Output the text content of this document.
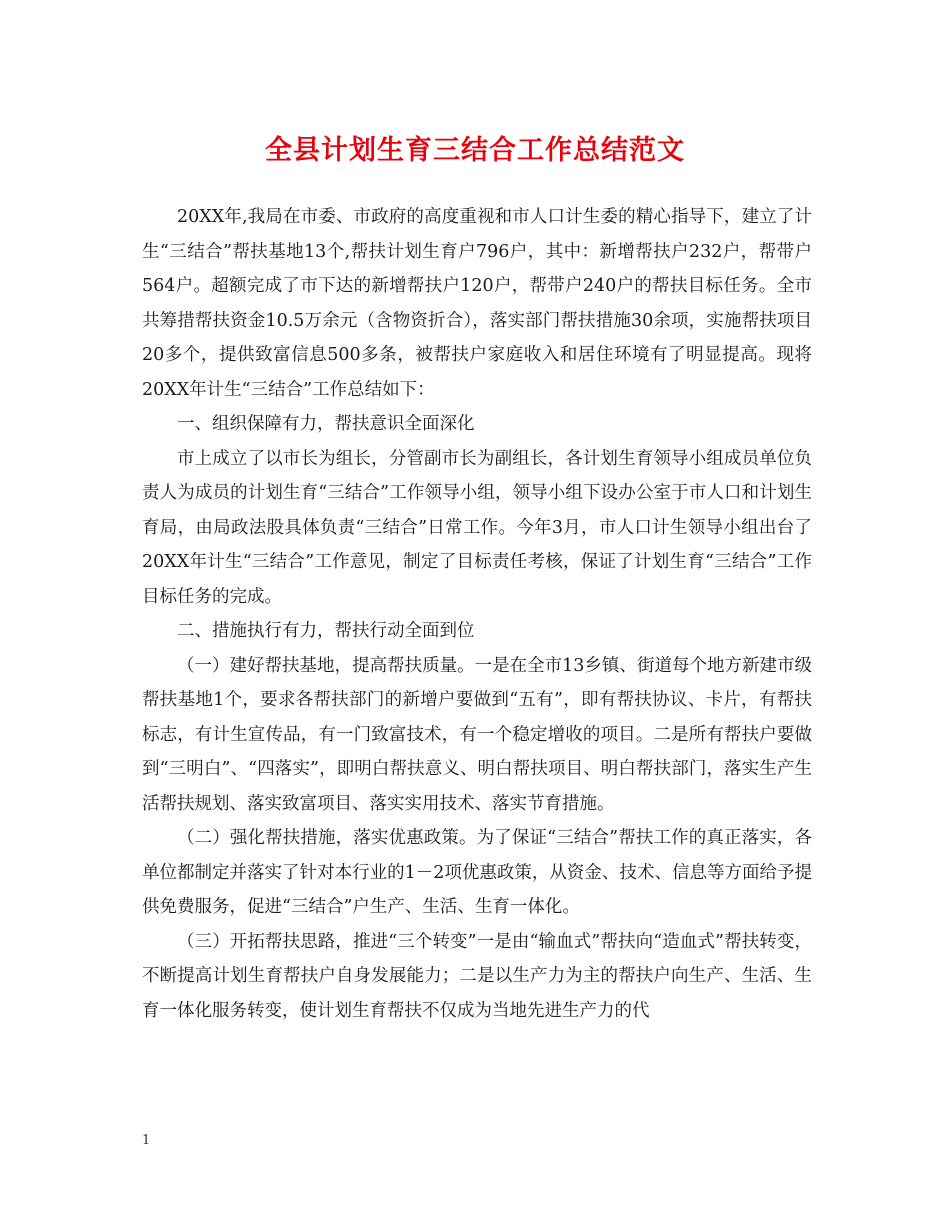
全县计划生育三结合工作总结范文

20XX年,我局在市委、市政府的高度重视和市人口计生委的精心指导下，建立了计生“三结合”帮扶基地13个,帮扶计划生育户796户，其中：新增帮扶户232户，帮带户564户。超额完成了市下达的新增帮扶户120户，帮带户240户的帮扶目标任务。全市共筹措帮扶资金10.5万余元（含物资折合），落实部门帮扶措施30余项，实施帮扶项目20多个，提供致富信息500多条，被帮扶户家庭收入和居住环境有了明显提高。现将20XX年计生“三结合”工作总结如下：

一、组织保障有力，帮扶意识全面深化

市上成立了以市长为组长，分管副市长为副组长，各计划生育领导小组成员单位负责人为成员的计划生育“三结合”工作领导小组，领导小组下设办公室于市人口和计划生育局，由局政法股具体负责“三结合”日常工作。今年3月，市人口计生领导小组出台了20XX年计生“三结合”工作意见，制定了目标责任考核，保证了计划生育“三结合”工作目标任务的完成。

二、措施执行有力，帮扶行动全面到位

（一）建好帮扶基地，提高帮扶质量。一是在全市13乡镇、街道每个地方新建市级帮扶基地1个，要求各帮扶部门的新增户要做到“五有”，即有帮扶协议、卡片，有帮扶标志，有计生宣传品，有一门致富技术，有一个稳定增收的项目。二是所有帮扶户要做到“三明白”、“四落实”，即明白帮扶意义、明白帮扶项目、明白帮扶部门，落实生产生活帮扶规划、落实致富项目、落实实用技术、落实节育措施。

（二）强化帮扶措施，落实优惠政策。为了保证“三结合”帮扶工作的真正落实，各单位都制定并落实了针对本行业的1－2项优惠政策，从资金、技术、信息等方面给予提供免费服务，促进“三结合”户生产、生活、生育一体化。

（三）开拓帮扶思路，推进“三个转变”一是由“输血式”帮扶向“造血式”帮扶转变，不断提高计划生育帮扶户自身发展能力；二是以生产力为主的帮扶户向生产、生活、生育一体化服务转变，使计划生育帮扶不仅成为当地先进生产力的代

1
